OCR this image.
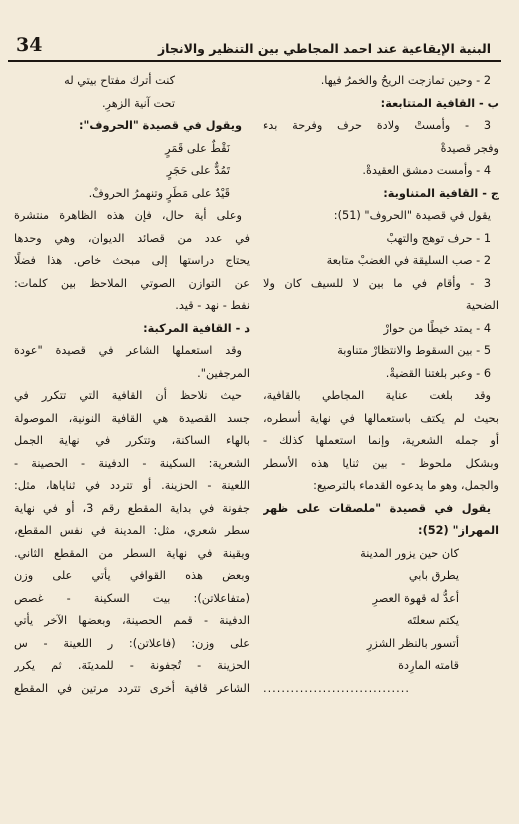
34	البنية الإيقاعية عند احمد المجاطي بين التنظير والانجاز
2 - وحين تمازجت الريحُ والخمرُ فيها.
ب - القافية المتتابعة:
3 - وأمستْ ولادة حرف وفرحة بدء
وفجر قصيدةْ
4 - وأمست دمشق العقيدةْ.
ج - القافية المتناوبة:
يقول في قصيدة "الحروف" (51):
1 - حرف توهج والتهبْ
2 - صب السليقة في الغضبْ متابعة
3 - وأقام في ما بين لا للسيف كان ولا
الضحية
4 - يمتد خيطًا من حوارْ
5 - بين السقوط والانتظارْ متناوبة
6 - وعبر بلغتنا القضيةْ.
وقد بلغت عناية المجاطي بالقافية،
بحيث لم يكتف باستعمالها في نهاية أسطره،
أو جمله الشعرية، وإنما استعملها كذلك -
وبشكل ملحوظ - بين ثنايا هذه الأسطر
والجمل، وهو ما يدعوه القدماء بالترصيع:
يقول في قصيدة "ملصقات على ظهر
المهراز" (52):
كان حين يزور المدينة
يطرق بابي
أعدُّ له قهوة العصرِ
يكتم سعلتَه
أتسور بالنظر الشزرِ
قامته المارِدة
................................
كنت أترك مفتاح بيتي له
تحت آنية الزهرِ.
ويقول في قصيدة "الحروف":
نَقْطٌ على قَمَرٍ
تَمُدٌّ على حَجَرٍ
قَيْدٌ على مَطَرٍ وتنهمرُ الحروفْ.
وعلى أية حال، فإن هذه الظاهرة منتشرة
في عدد من قصائد الديوان، وهي وحدها
يحتاج دراستها إلى مبحث خاص. هذا فضلًا
عن التوازن الصوتي الملاحظ بين كلمات:
نفط - نهد - قيد.
د - القافية المركبة:
وقد استعملها الشاعر في قصيدة "عودة
المرجفين".
حيث نلاحظ أن القافية التي تتكرر في
جسد القصيدة هي القافية النونية، الموصولة
بالهاء الساكنة، وتتكرر في نهاية الجمل
الشعرية: السكينة - الدفينة - الحصينة -
اللعينة - الحزينة. أو تتردد في ثناياها، مثل:
جفونة في بداية المقطع رقم 3، أو في نهاية
سطر شعري، مثل: المدينة في نفس المقطع،
ويقينة في نهاية السطر من المقطع الثاني.
وبعض هذه القوافي يأتي على وزن
(متفاعلاتن): بيت السكينة - غصص
الدفينة - قمم الحصينة، وبعضها الآخر يأتي
على وزن: (فاعلاتن): ر اللعينة - س
الحزينة - تُجفونة - للمدينَة. ثم يكرر
الشاعر قافية أخرى تتردد مرتين في المقطع
